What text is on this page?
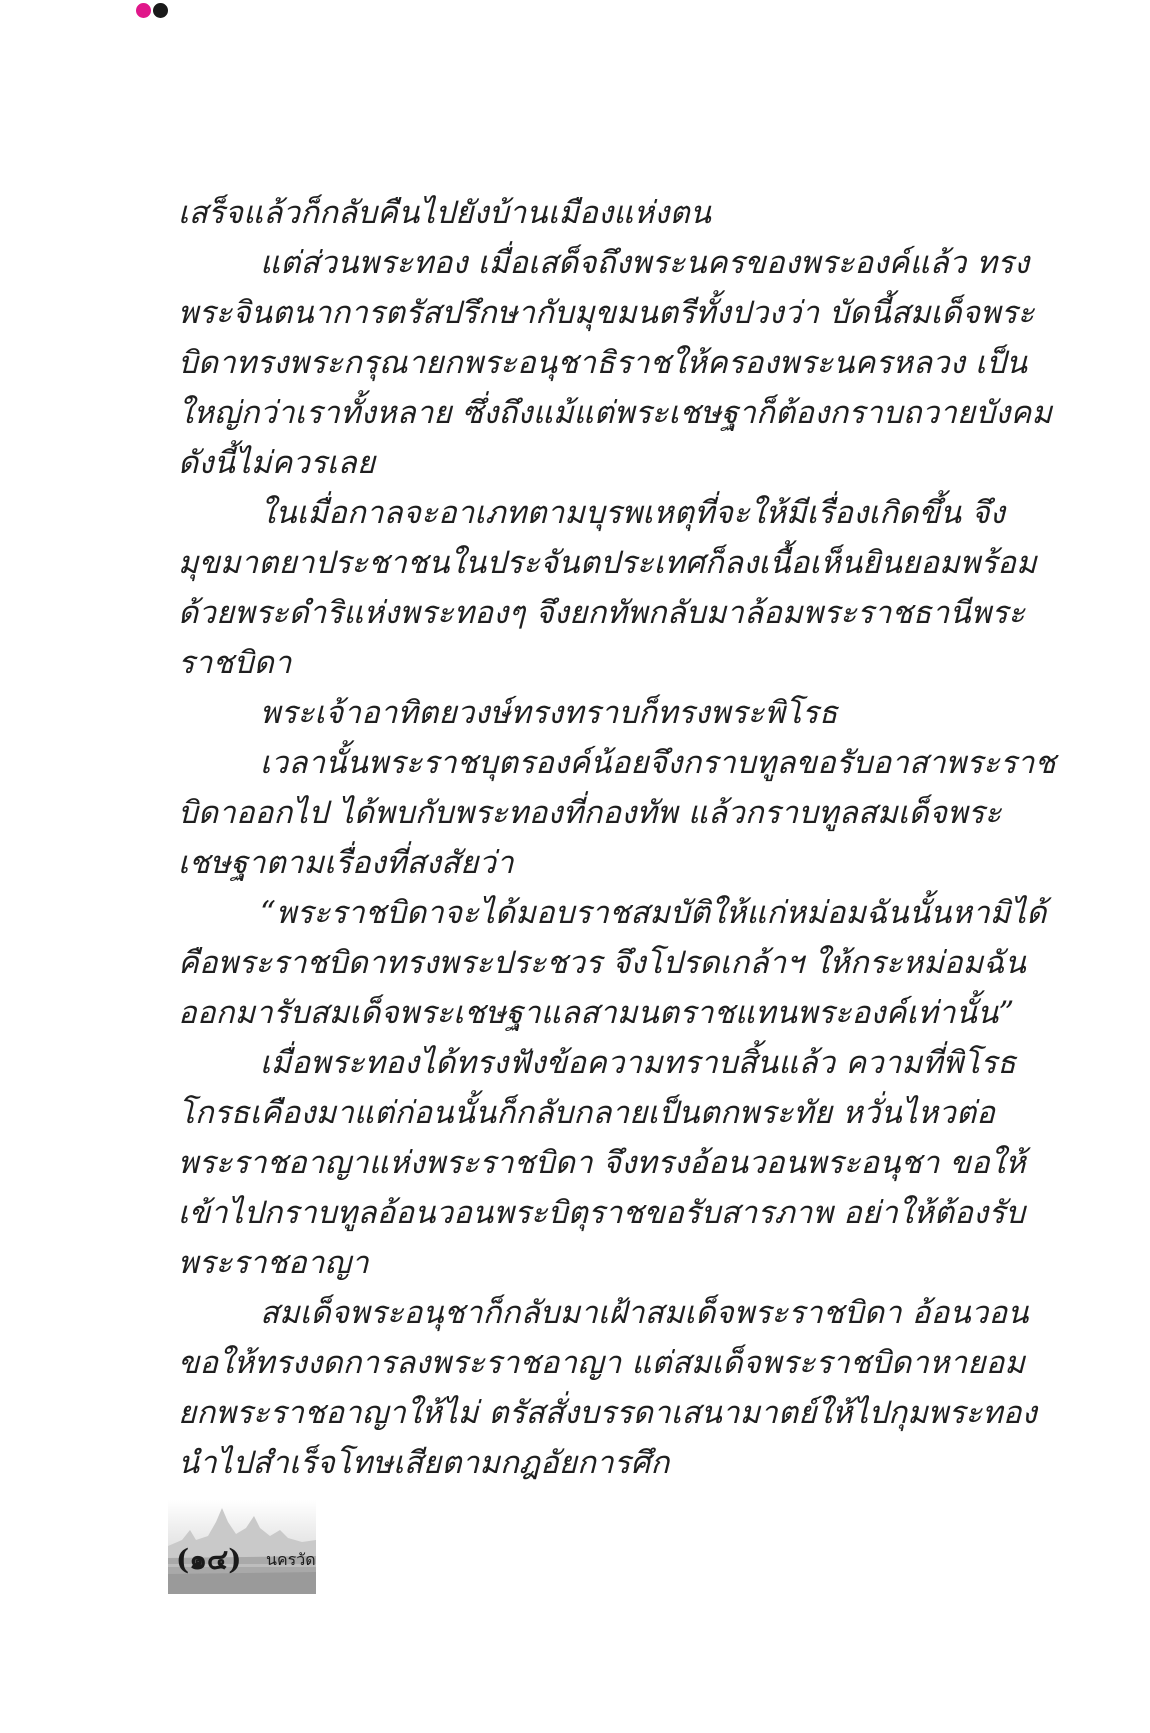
เสร็จแล้วก็กลับคืนไปยังบ้านเมืองแห่งตน
แต่ส่วนพระทอง เมื่อเสด็จถึงพระนครของพระองค์แล้ว ทรง
พระจินตนาการตรัสปรึกษากับมุขมนตรีทั้งปวงว่า บัดนี้สมเด็จพระ
บิดาทรงพระกรุณายกพระอนุชาธิราชให้ครองพระนครหลวง เป็น
ใหญ่กว่าเราทั้งหลาย ซึ่งถึงแม้แต่พระเชษฐาก็ต้องกราบถวายบังคม
ดังนี้ไม่ควรเลย
ในเมื่อกาลจะอาเภทตามบุรพเหตุที่จะให้มีเรื่องเกิดขึ้น จึง
มุขมาตยาประชาชนในประจันตประเทศก็ลงเนื้อเห็นยินยอมพร้อม
ด้วยพระดำริแห่งพระทองๆ จึงยกทัพกลับมาล้อมพระราชธานีพระ
ราชบิดา
พระเจ้าอาทิตยวงษ์ทรงทราบก็ทรงพระพิโรธ
เวลานั้นพระราชบุตรองค์น้อยจึงกราบทูลขอรับอาสาพระราช
บิดาออกไป ได้พบกับพระทองที่กองทัพ แล้วกราบทูลสมเด็จพระ
เชษฐาตามเรื่องที่สงสัยว่า
“พระราชบิดาจะได้มอบราชสมบัติให้แก่หม่อมฉันนั้นหามิได้
คือพระราชบิดาทรงพระประชวร จึงโปรดเกล้าฯ ให้กระหม่อมฉัน
ออกมารับสมเด็จพระเชษฐาแลสามนตราชแทนพระองค์เท่านั้น”
เมื่อพระทองได้ทรงฟังข้อความทราบสิ้นแล้ว ความที่พิโรธ
โกรธเคืองมาแต่ก่อนนั้นก็กลับกลายเป็นตกพระทัย หวั่นไหวต่อ
พระราชอาญาแห่งพระราชบิดา จึงทรงอ้อนวอนพระอนุชา ขอให้
เข้าไปกราบทูลอ้อนวอนพระบิตุราชขอรับสารภาพ อย่าให้ต้องรับ
พระราชอาญา
สมเด็จพระอนุชาก็กลับมาเฝ้าสมเด็จพระราชบิดา อ้อนวอน
ขอให้ทรงงดการลงพระราชอาญา แต่สมเด็จพระราชบิดาหายอม
ยกพระราชอาญาให้ไม่ ตรัสสั่งบรรดาเสนามาตย์ให้ไปกุมพระทอง
นำไปสำเร็จโทษเสียตามกฎอัยการศึก
(๑๔) นครวัด
